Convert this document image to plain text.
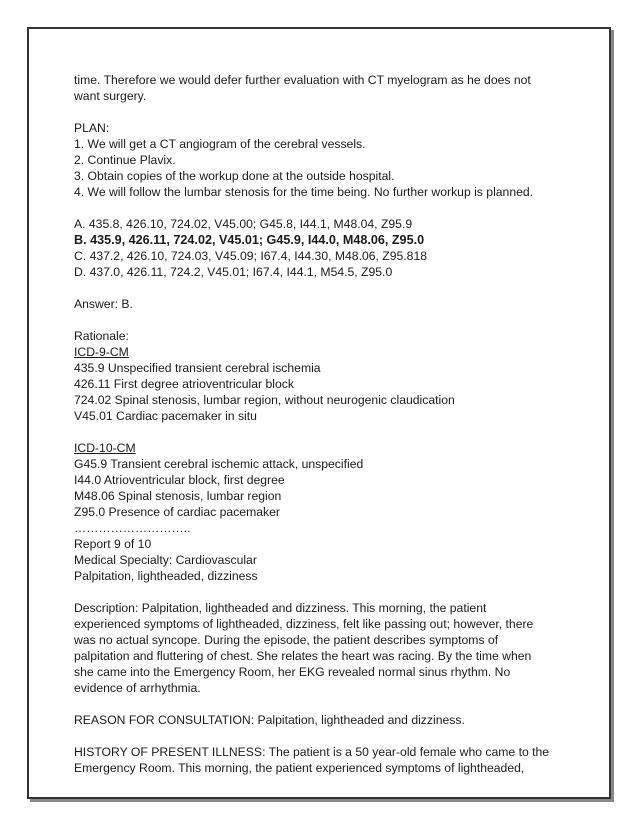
time. Therefore we would defer further evaluation with CT myelogram as he does not
want surgery.
PLAN:
1. We will get a CT angiogram of the cerebral vessels.
2. Continue Plavix.
3. Obtain copies of the workup done at the outside hospital.
4. We will follow the lumbar stenosis for the time being. No further workup is planned.
A. 435.8, 426.10, 724.02, V45.00; G45.8, I44.1, M48.04, Z95.9
B. 435.9, 426.11, 724.02, V45.01; G45.9, I44.0, M48.06, Z95.0
C. 437.2, 426.10, 724.03, V45.09; I67.4, I44.30, M48.06, Z95.818
D. 437.0, 426.11, 724.2, V45.01; I67.4, I44.1, M54.5, Z95.0
Answer: B.
Rationale:
ICD-9-CM
435.9 Unspecified transient cerebral ischemia
426.11 First degree atrioventricular block
724.02 Spinal stenosis, lumbar region, without neurogenic claudication
V45.01 Cardiac pacemaker in situ
ICD-10-CM
G45.9 Transient cerebral ischemic attack, unspecified
I44.0 Atrioventricular block, first degree
M48.06 Spinal stenosis, lumbar region
Z95.0 Presence of cardiac pacemaker
………………………..
Report 9 of 10
Medical Specialty: Cardiovascular
Palpitation, lightheaded, dizziness
Description: Palpitation, lightheaded and dizziness. This morning, the patient
experienced symptoms of lightheaded, dizziness, felt like passing out; however, there
was no actual syncope. During the episode, the patient describes symptoms of
palpitation and fluttering of chest. She relates the heart was racing. By the time when
she came into the Emergency Room, her EKG revealed normal sinus rhythm. No
evidence of arrhythmia.
REASON FOR CONSULTATION: Palpitation, lightheaded and dizziness.
HISTORY OF PRESENT ILLNESS: The patient is a 50 year-old female who came to the
Emergency Room. This morning, the patient experienced symptoms of lightheaded,
